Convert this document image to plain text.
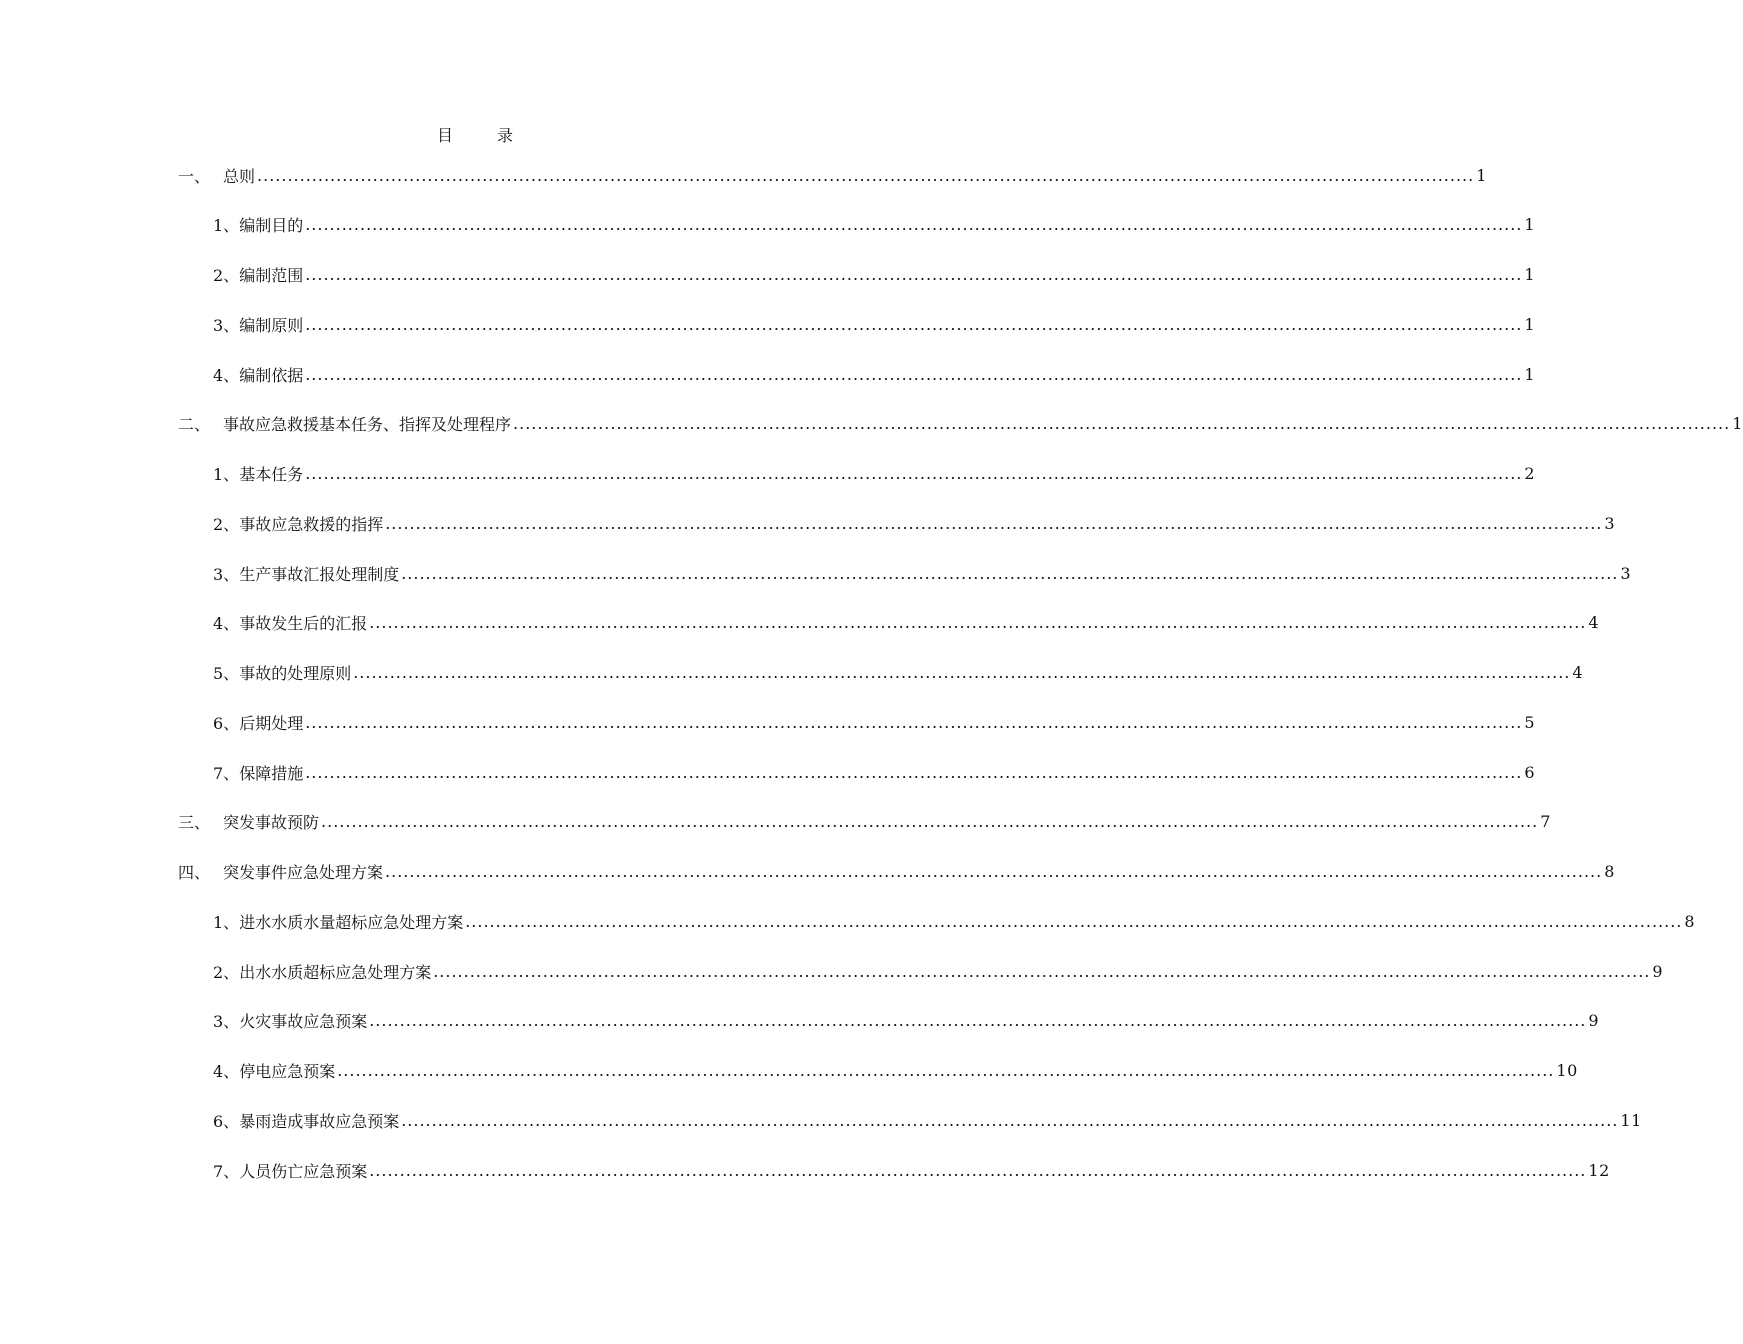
目　录
一、 总则 ........................................................................................................................................................................................................ 1
1、 编制目的 ........................................................................................................................................................................................................ 1
2、 编制范围 ........................................................................................................................................................................................................ 1
3、 编制原则 ........................................................................................................................................................................................................ 1
4、 编制依据 ........................................................................................................................................................................................................ 1
二、 事故应急救援基本任务、指挥及处理程序 ........................................................................................................................................................................................................ 1
1、 基本任务 ........................................................................................................................................................................................................ 2
2、 事故应急救援的指挥 ........................................................................................................................................................................................................ 3
3、 生产事故汇报处理制度 ........................................................................................................................................................................................................ 3
4、 事故发生后的汇报 ........................................................................................................................................................................................................ 4
5、 事故的处理原则 ........................................................................................................................................................................................................ 4
6、 后期处理 ........................................................................................................................................................................................................ 5
7、 保障措施 ........................................................................................................................................................................................................ 6
三、 突发事故预防 ........................................................................................................................................................................................................ 7
四、 突发事件应急处理方案 ........................................................................................................................................................................................................ 8
1、 进水水质水量超标应急处理方案 ........................................................................................................................................................................................................ 8
2、 出水水质超标应急处理方案 ........................................................................................................................................................................................................ 9
3、 火灾事故应急预案 ........................................................................................................................................................................................................ 9
4、 停电应急预案 ........................................................................................................................................................................................................ 10
6、 暴雨造成事故应急预案 ........................................................................................................................................................................................................ 11
7、 人员伤亡应急预案 ........................................................................................................................................................................................................ 12
